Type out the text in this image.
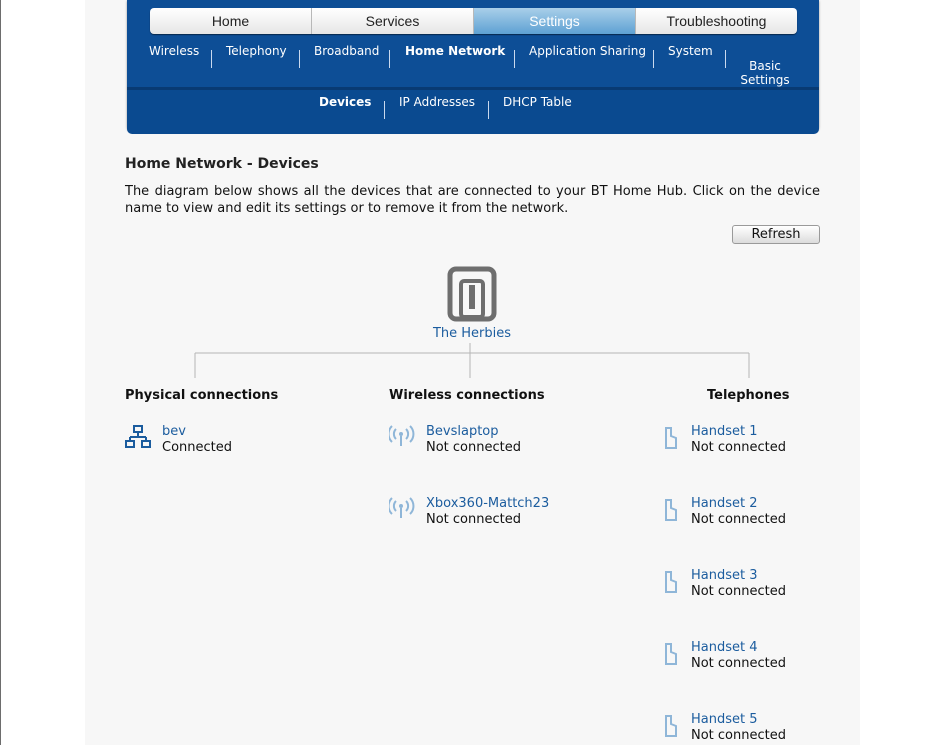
Home	Services	Settings	Troubleshooting
Wireless Telephony Broadband Home Network Application Sharing System
Basic
Settings
Devices IP Addresses DHCP Table
Home Network - Devices
The diagram below shows all the devices that are connected to your BT Home Hub. Click on the device name to view and edit its settings or to remove it from the network.
Refresh
The Herbies
Physical connections	Wireless connections	Telephones
bev
Connected
Bevslaptop
Not connected
Xbox360-Mattch23
Not connected
Handset 1
Not connected
Handset 2
Not connected
Handset 3
Not connected
Handset 4
Not connected
Handset 5
Not connected
